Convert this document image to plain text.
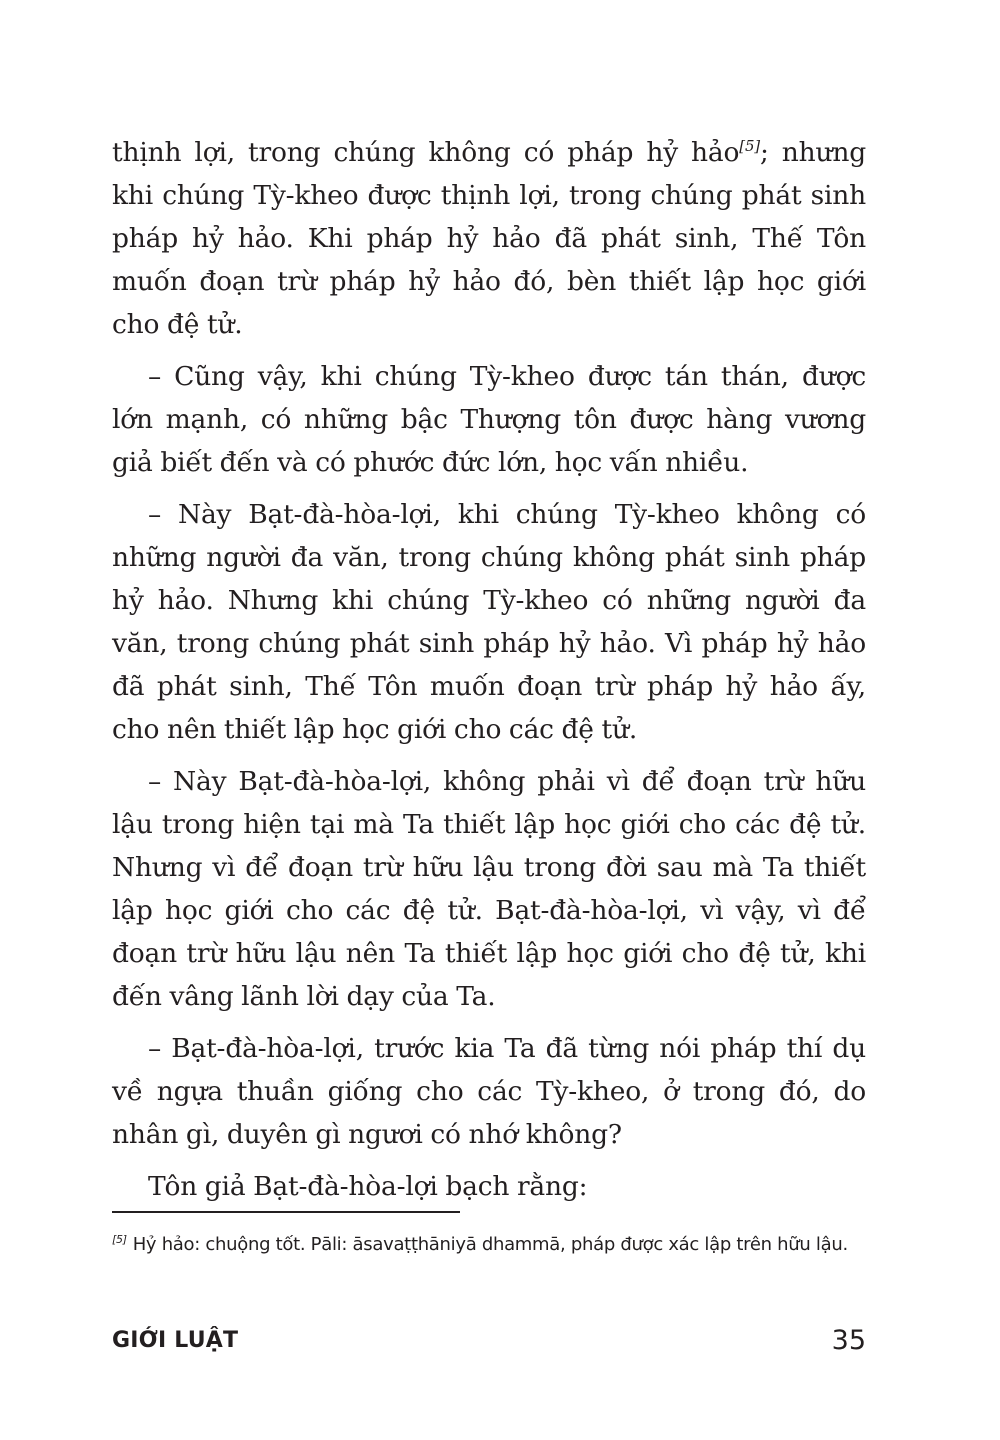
thịnh lợi, trong chúng không có pháp hỷ hảo[5]; nhưng khi chúng Tỳ-kheo được thịnh lợi, trong chúng phát sinh pháp hỷ hảo. Khi pháp hỷ hảo đã phát sinh, Thế Tôn muốn đoạn trừ pháp hỷ hảo đó, bèn thiết lập học giới cho đệ tử.

– Cũng vậy, khi chúng Tỳ-kheo được tán thán, được lớn mạnh, có những bậc Thượng tôn được hàng vương giả biết đến và có phước đức lớn, học vấn nhiều.

– Này Bạt-đà-hòa-lợi, khi chúng Tỳ-kheo không có những người đa văn, trong chúng không phát sinh pháp hỷ hảo. Nhưng khi chúng Tỳ-kheo có những người đa văn, trong chúng phát sinh pháp hỷ hảo. Vì pháp hỷ hảo đã phát sinh, Thế Tôn muốn đoạn trừ pháp hỷ hảo ấy, cho nên thiết lập học giới cho các đệ tử.

– Này Bạt-đà-hòa-lợi, không phải vì để đoạn trừ hữu lậu trong hiện tại mà Ta thiết lập học giới cho các đệ tử. Nhưng vì để đoạn trừ hữu lậu trong đời sau mà Ta thiết lập học giới cho các đệ tử. Bạt-đà-hòa-lợi, vì vậy, vì để đoạn trừ hữu lậu nên Ta thiết lập học giới cho đệ tử, khi đến vâng lãnh lời dạy của Ta.

– Bạt-đà-hòa-lợi, trước kia Ta đã từng nói pháp thí dụ về ngựa thuần giống cho các Tỳ-kheo, ở trong đó, do nhân gì, duyên gì ngươi có nhớ không?

Tôn giả Bạt-đà-hòa-lợi bạch rằng:

[5] Hỷ hảo: chuộng tốt. Pāli: āsavaṭṭhāniyā dhammā, pháp được xác lập trên hữu lậu.
GIỚI LUẬT	35
